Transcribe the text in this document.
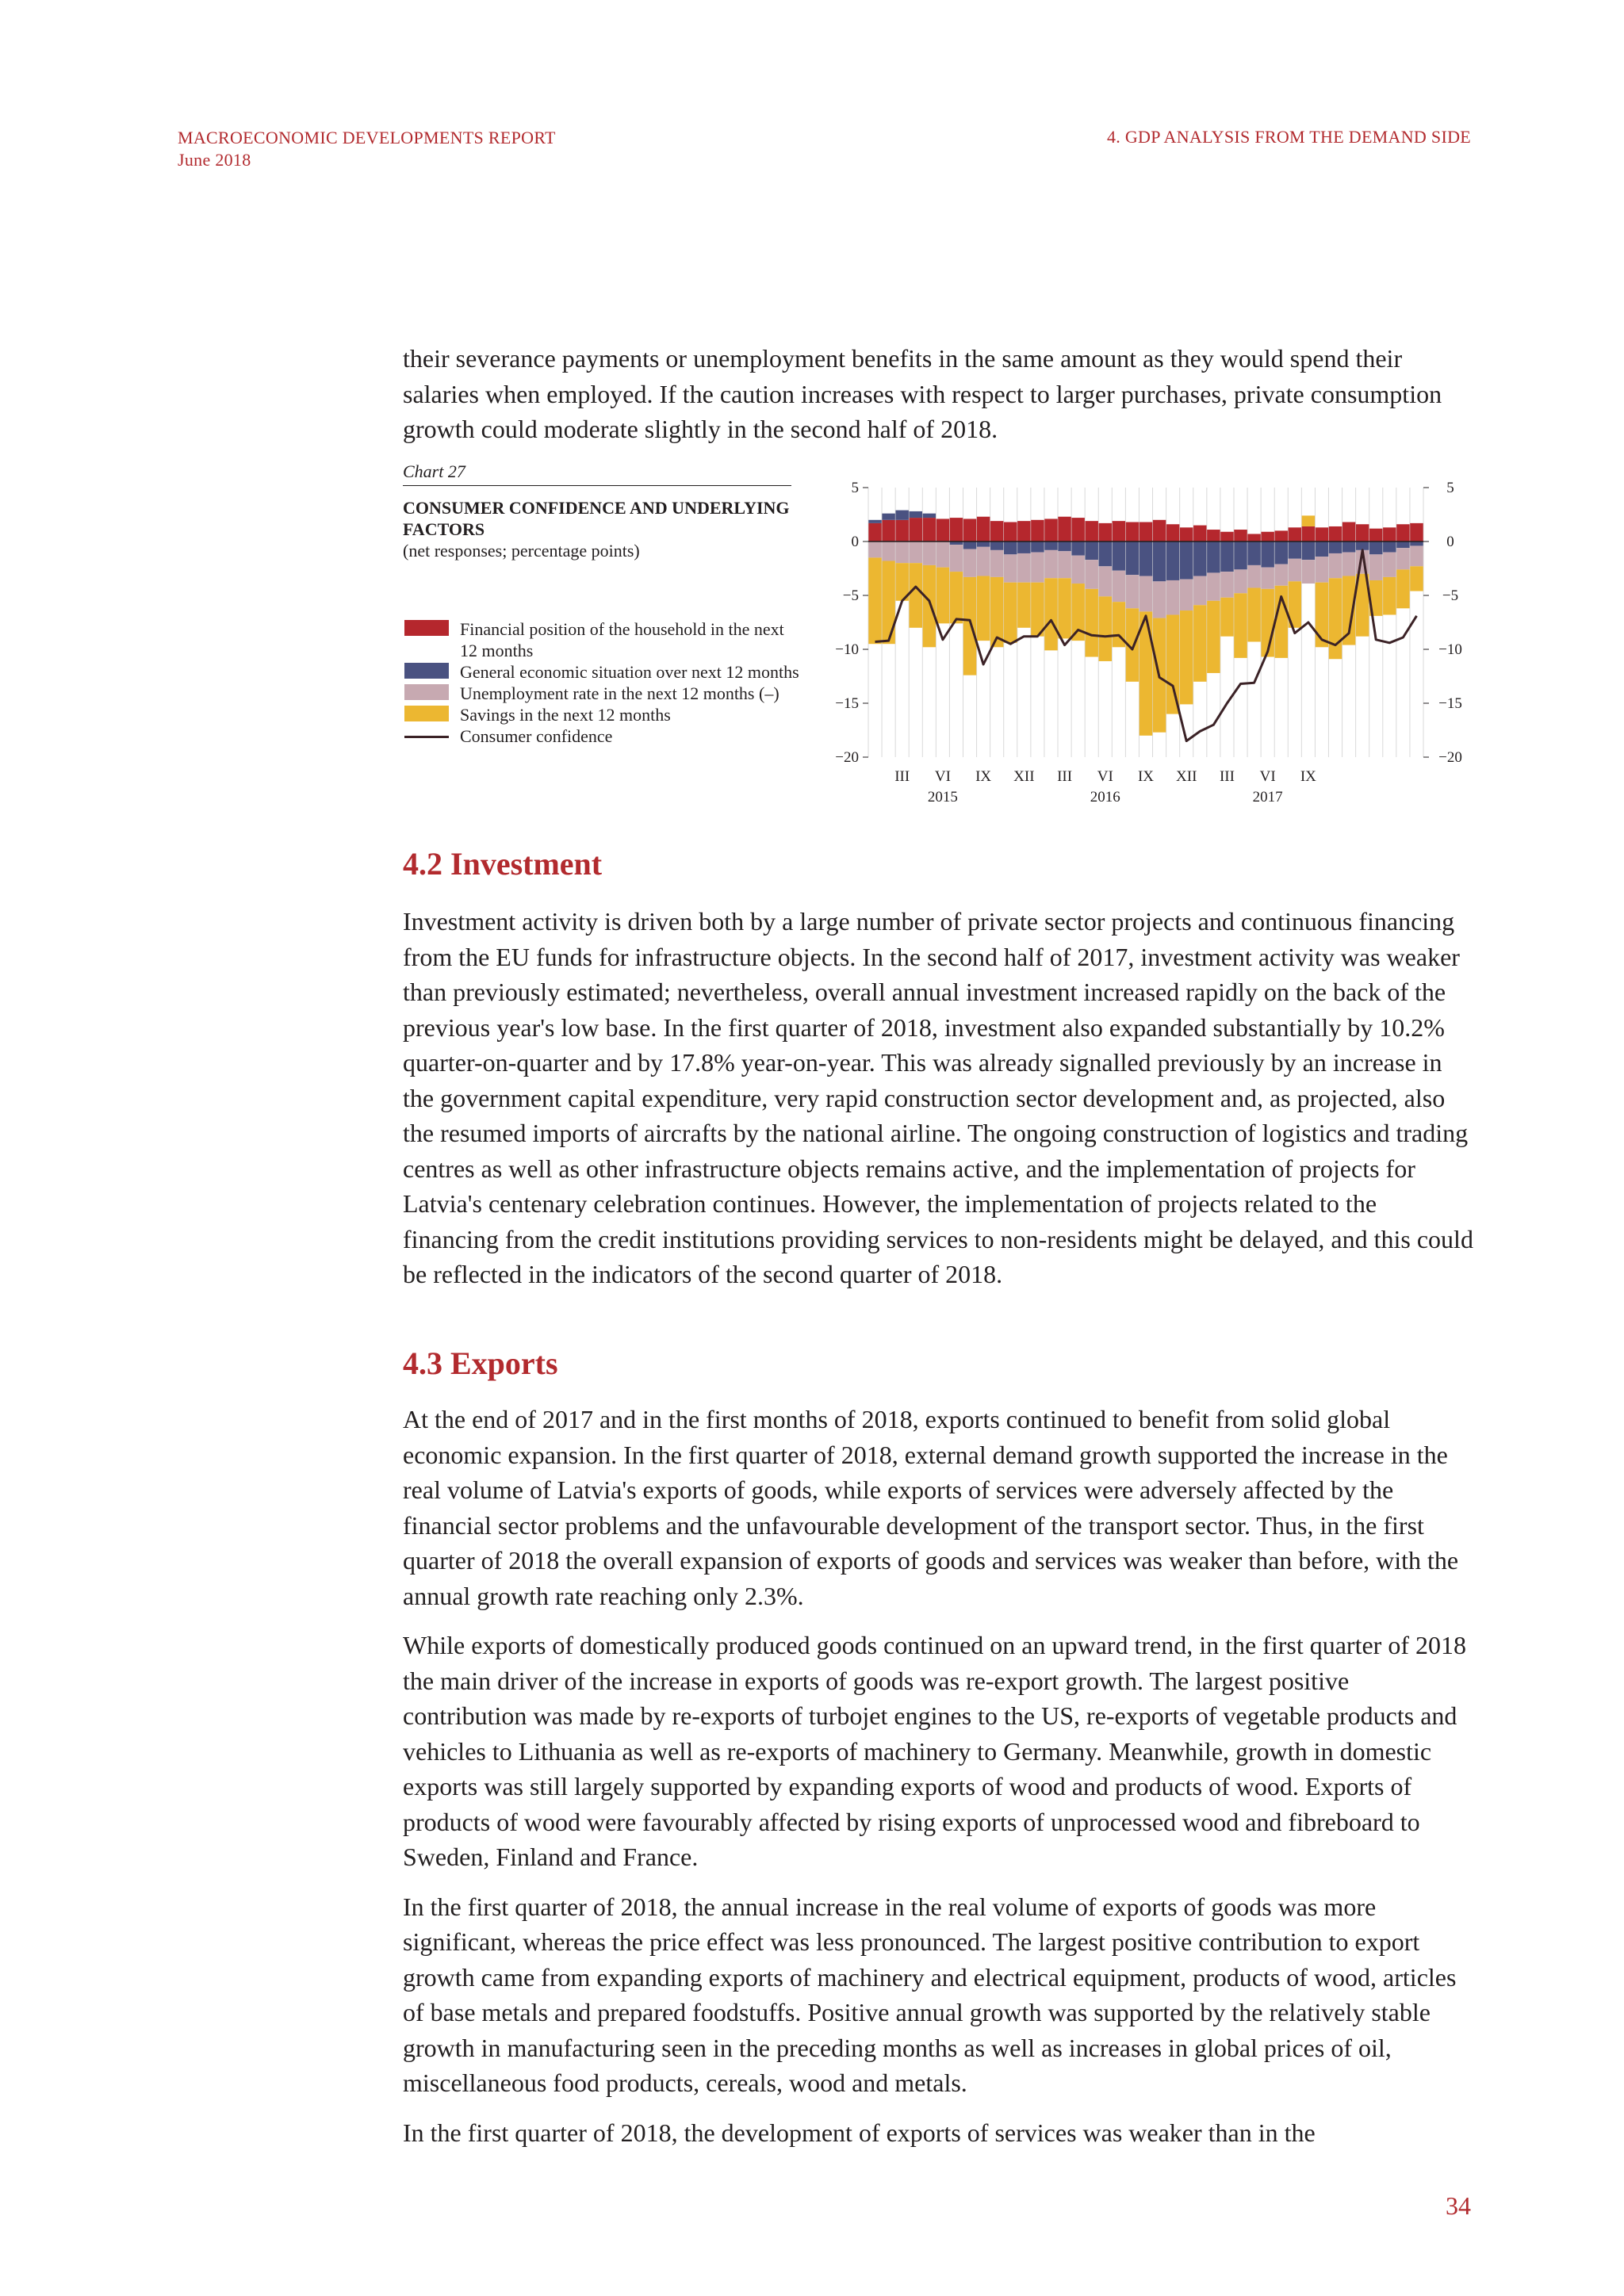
MACROECONOMIC DEVELOPMENTS REPORT
June 2018
4. GDP ANALYSIS FROM THE DEMAND SIDE

their severance payments or unemployment benefits in the same amount as they would spend their salaries when employed. If the caution increases with respect to larger purchases, private consumption growth could moderate slightly in the second half of 2018.

Chart 27
CONSUMER CONFIDENCE AND UNDERLYING FACTORS
(net responses; percentage points)
Financial position of the household in the next 12 months
General economic situation over next 12 months
Unemployment rate in the next 12 months (–)
Savings in the next 12 months
Consumer confidence
5	5
0	0
−5	−5
−10	−10
−15	−15
−20	−20
III VI IX XII III VI IX XII III VI IX
2015	2016	2017
4.2 Investment

Investment activity is driven both by a large number of private sector projects and continuous financing from the EU funds for infrastructure objects. In the second half of 2017, investment activity was weaker than previously estimated; nevertheless, overall annual investment increased rapidly on the back of the previous year's low base. In the first quarter of 2018, investment also expanded substantially by 10.2% quarter-on-quarter and by 17.8% year-on-year. This was already signalled previously by an increase in the government capital expenditure, very rapid construction sector development and, as projected, also the resumed imports of aircrafts by the national airline. The ongoing construction of logistics and trading centres as well as other infrastructure objects remains active, and the implementation of projects for Latvia's centenary celebration continues. However, the implementation of projects related to the financing from the credit institutions providing services to non-residents might be delayed, and this could be reflected in the indicators of the second quarter of 2018.

4.3 Exports

At the end of 2017 and in the first months of 2018, exports continued to benefit from solid global economic expansion. In the first quarter of 2018, external demand growth supported the increase in the real volume of Latvia's exports of goods, while exports of services were adversely affected by the financial sector problems and the unfavourable development of the transport sector. Thus, in the first quarter of 2018 the overall expansion of exports of goods and services was weaker than before, with the annual growth rate reaching only 2.3%.

While exports of domestically produced goods continued on an upward trend, in the first quarter of 2018 the main driver of the increase in exports of goods was re-export growth. The largest positive contribution was made by re-exports of turbojet engines to the US, re-exports of vegetable products and vehicles to Lithuania as well as re-exports of machinery to Germany. Meanwhile, growth in domestic exports was still largely supported by expanding exports of wood and products of wood. Exports of products of wood were favourably affected by rising exports of unprocessed wood and fibreboard to Sweden, Finland and France.

In the first quarter of 2018, the annual increase in the real volume of exports of goods was more significant, whereas the price effect was less pronounced. The largest positive contribution to export growth came from expanding exports of machinery and electrical equipment, products of wood, articles of base metals and prepared foodstuffs. Positive annual growth was supported by the relatively stable growth in manufacturing seen in the preceding months as well as increases in global prices of oil, miscellaneous food products, cereals, wood and metals.

In the first quarter of 2018, the development of exports of services was weaker than in the

34
